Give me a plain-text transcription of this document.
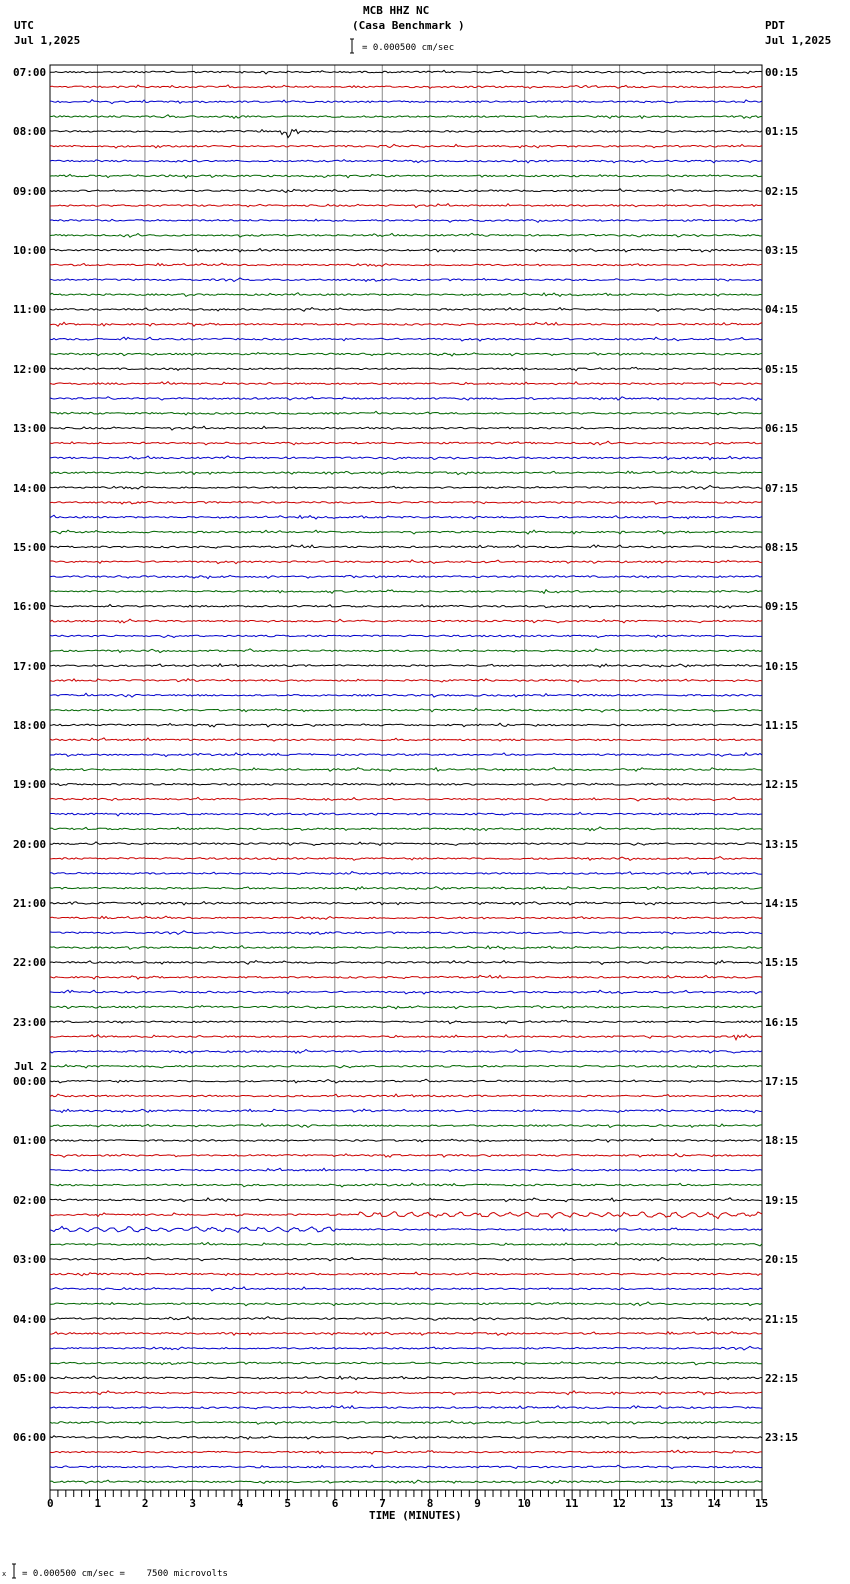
MCB HHZ NC
(Casa Benchmark )
UTC
Jul 1,2025
PDT
Jul 1,2025
= 0.000500 cm/sec
TIME (MINUTES)
x = 0.000500 cm/sec =    7500 microvolts
0	1	2	3	4	5	6	7	8	9	10	11	12	13	14	15
07:00	00:15
08:00	01:15
09:00	02:15
10:00	03:15
11:00	04:15
12:00	05:15
13:00	06:15
14:00	07:15
15:00	08:15
16:00	09:15
17:00	10:15
18:00	11:15
19:00	12:15
20:00	13:15
21:00	14:15
22:00	15:15
23:00	16:15
00:00	17:15
Jul 2
01:00	18:15
02:00	19:15
03:00	20:15
04:00	21:15
05:00	22:15
06:00	23:15
